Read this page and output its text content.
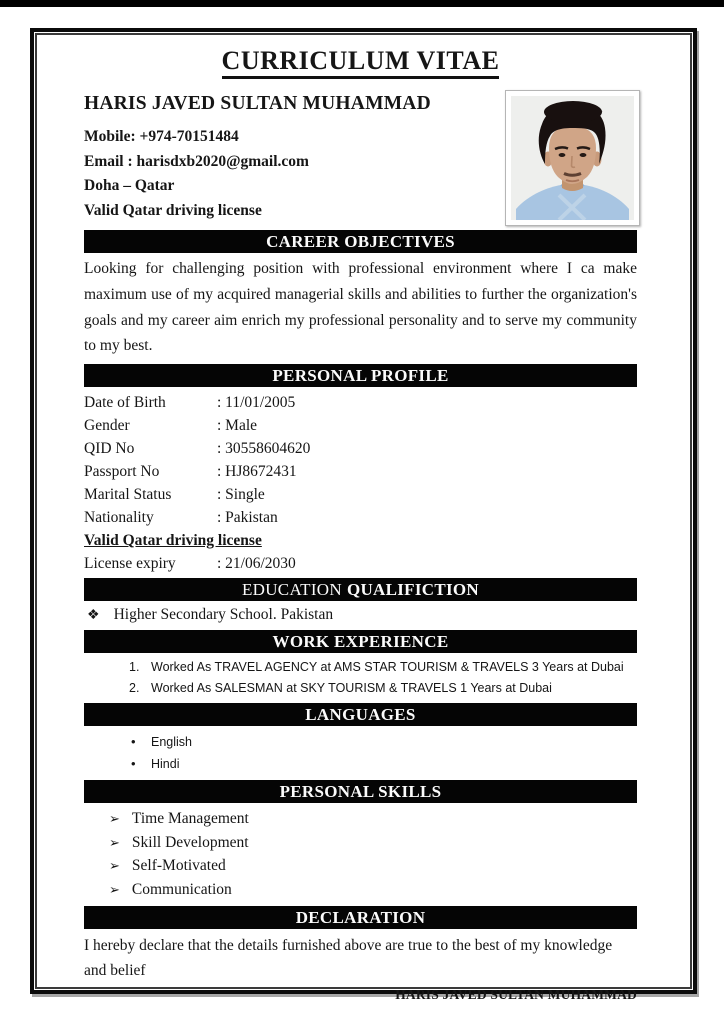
CURRICULUM VITAE
HARIS JAVED SULTAN MUHAMMAD
Mobile: +974-70151484
Email : harisdxb2020@gmail.com
Doha – Qatar
Valid Qatar driving license
CAREER OBJECTIVES
Looking for challenging position with professional environment where I ca make maximum use of my acquired managerial skills and abilities to further the organization's goals and my career aim enrich my professional personality and to serve my community to my best.
PERSONAL PROFILE
Date of Birth	: 11/01/2005
Gender	: Male
QID No	: 30558604620
Passport No	: HJ8672431
Marital Status	: Single
Nationality	: Pakistan
Valid Qatar driving license
License expiry	: 21/06/2030
EDUCATION QUALIFICTION
❖ Higher Secondary School. Pakistan
WORK EXPERIENCE
1. Worked As TRAVEL AGENCY at AMS STAR TOURISM & TRAVELS 3 Years at Dubai
2. Worked As SALESMAN at SKY TOURISM & TRAVELS 1 Years at Dubai
LANGUAGES
• English
• Hindi
PERSONAL SKILLS
➢ Time Management
➢ Skill Development
➢ Self-Motivated
➢ Communication
DECLARATION
I hereby declare that the details furnished above are true to the best of my knowledge and belief
HARIS JAVED SULTAN MUHAMMAD
